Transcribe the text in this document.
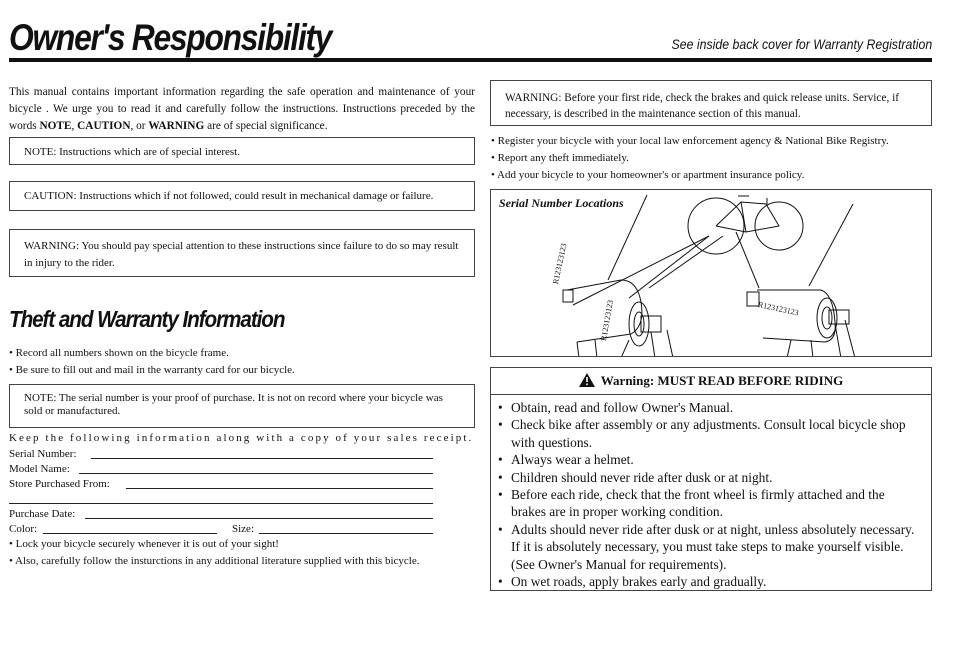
Owner's Responsibility	See inside back cover for Warranty Registration
This manual contains important information regarding the safe operation and maintenance of your bicycle . We urge you to read it and carefully follow the instructions. Instructions preceded by the words NOTE, CAUTION, or WARNING are of special significance.
NOTE: Instructions which are of special interest.
CAUTION: Instructions which if not followed, could result in mechanical damage or failure.
WARNING: You should pay special attention to these instructions since failure to do so may result in injury to the rider.
Theft and Warranty Information
• Record all numbers shown on the bicycle frame.
• Be sure to fill out and mail in the warranty card for our bicycle.
NOTE: The serial number is your proof of purchase. It is not on record where your bicycle was sold or manufactured.
Keep the following information along with a copy of your sales receipt.
Serial Number:
Model Name:
Store Purchased From:
Purchase Date:
Color:	Size:
• Lock your bicycle securely whenever it is out of your sight!
• Also, carefully follow the insturctions in any additional literature supplied with this bicycle.
WARNING: Before your first ride, check the brakes and quick release units. Service, if necessary, is described in the maintenance section of this manual.
• Register your bicycle with your local law enforcement agency & National Bike Registry.
• Report any theft immediately.
• Add your bicycle to your homeowner's or apartment insurance policy.
Serial Number Locations
R123123123
R123123123	R123123123
Warning: MUST READ BEFORE RIDING
• Obtain, read and follow Owner's Manual.
• Check bike after assembly or any adjustments. Consult local bicycle shop with questions.
• Always wear a helmet.
• Children should never ride after dusk or at night.
• Before each ride, check that the front wheel is firmly attached and the brakes are in proper working condition.
• Adults should never ride after dusk or at night, unless absolutely necessary. If it is absolutely necessary, you must take steps to make yourself visible. (See Owner's Manual for requirements).
• On wet roads, apply brakes early and gradually.
